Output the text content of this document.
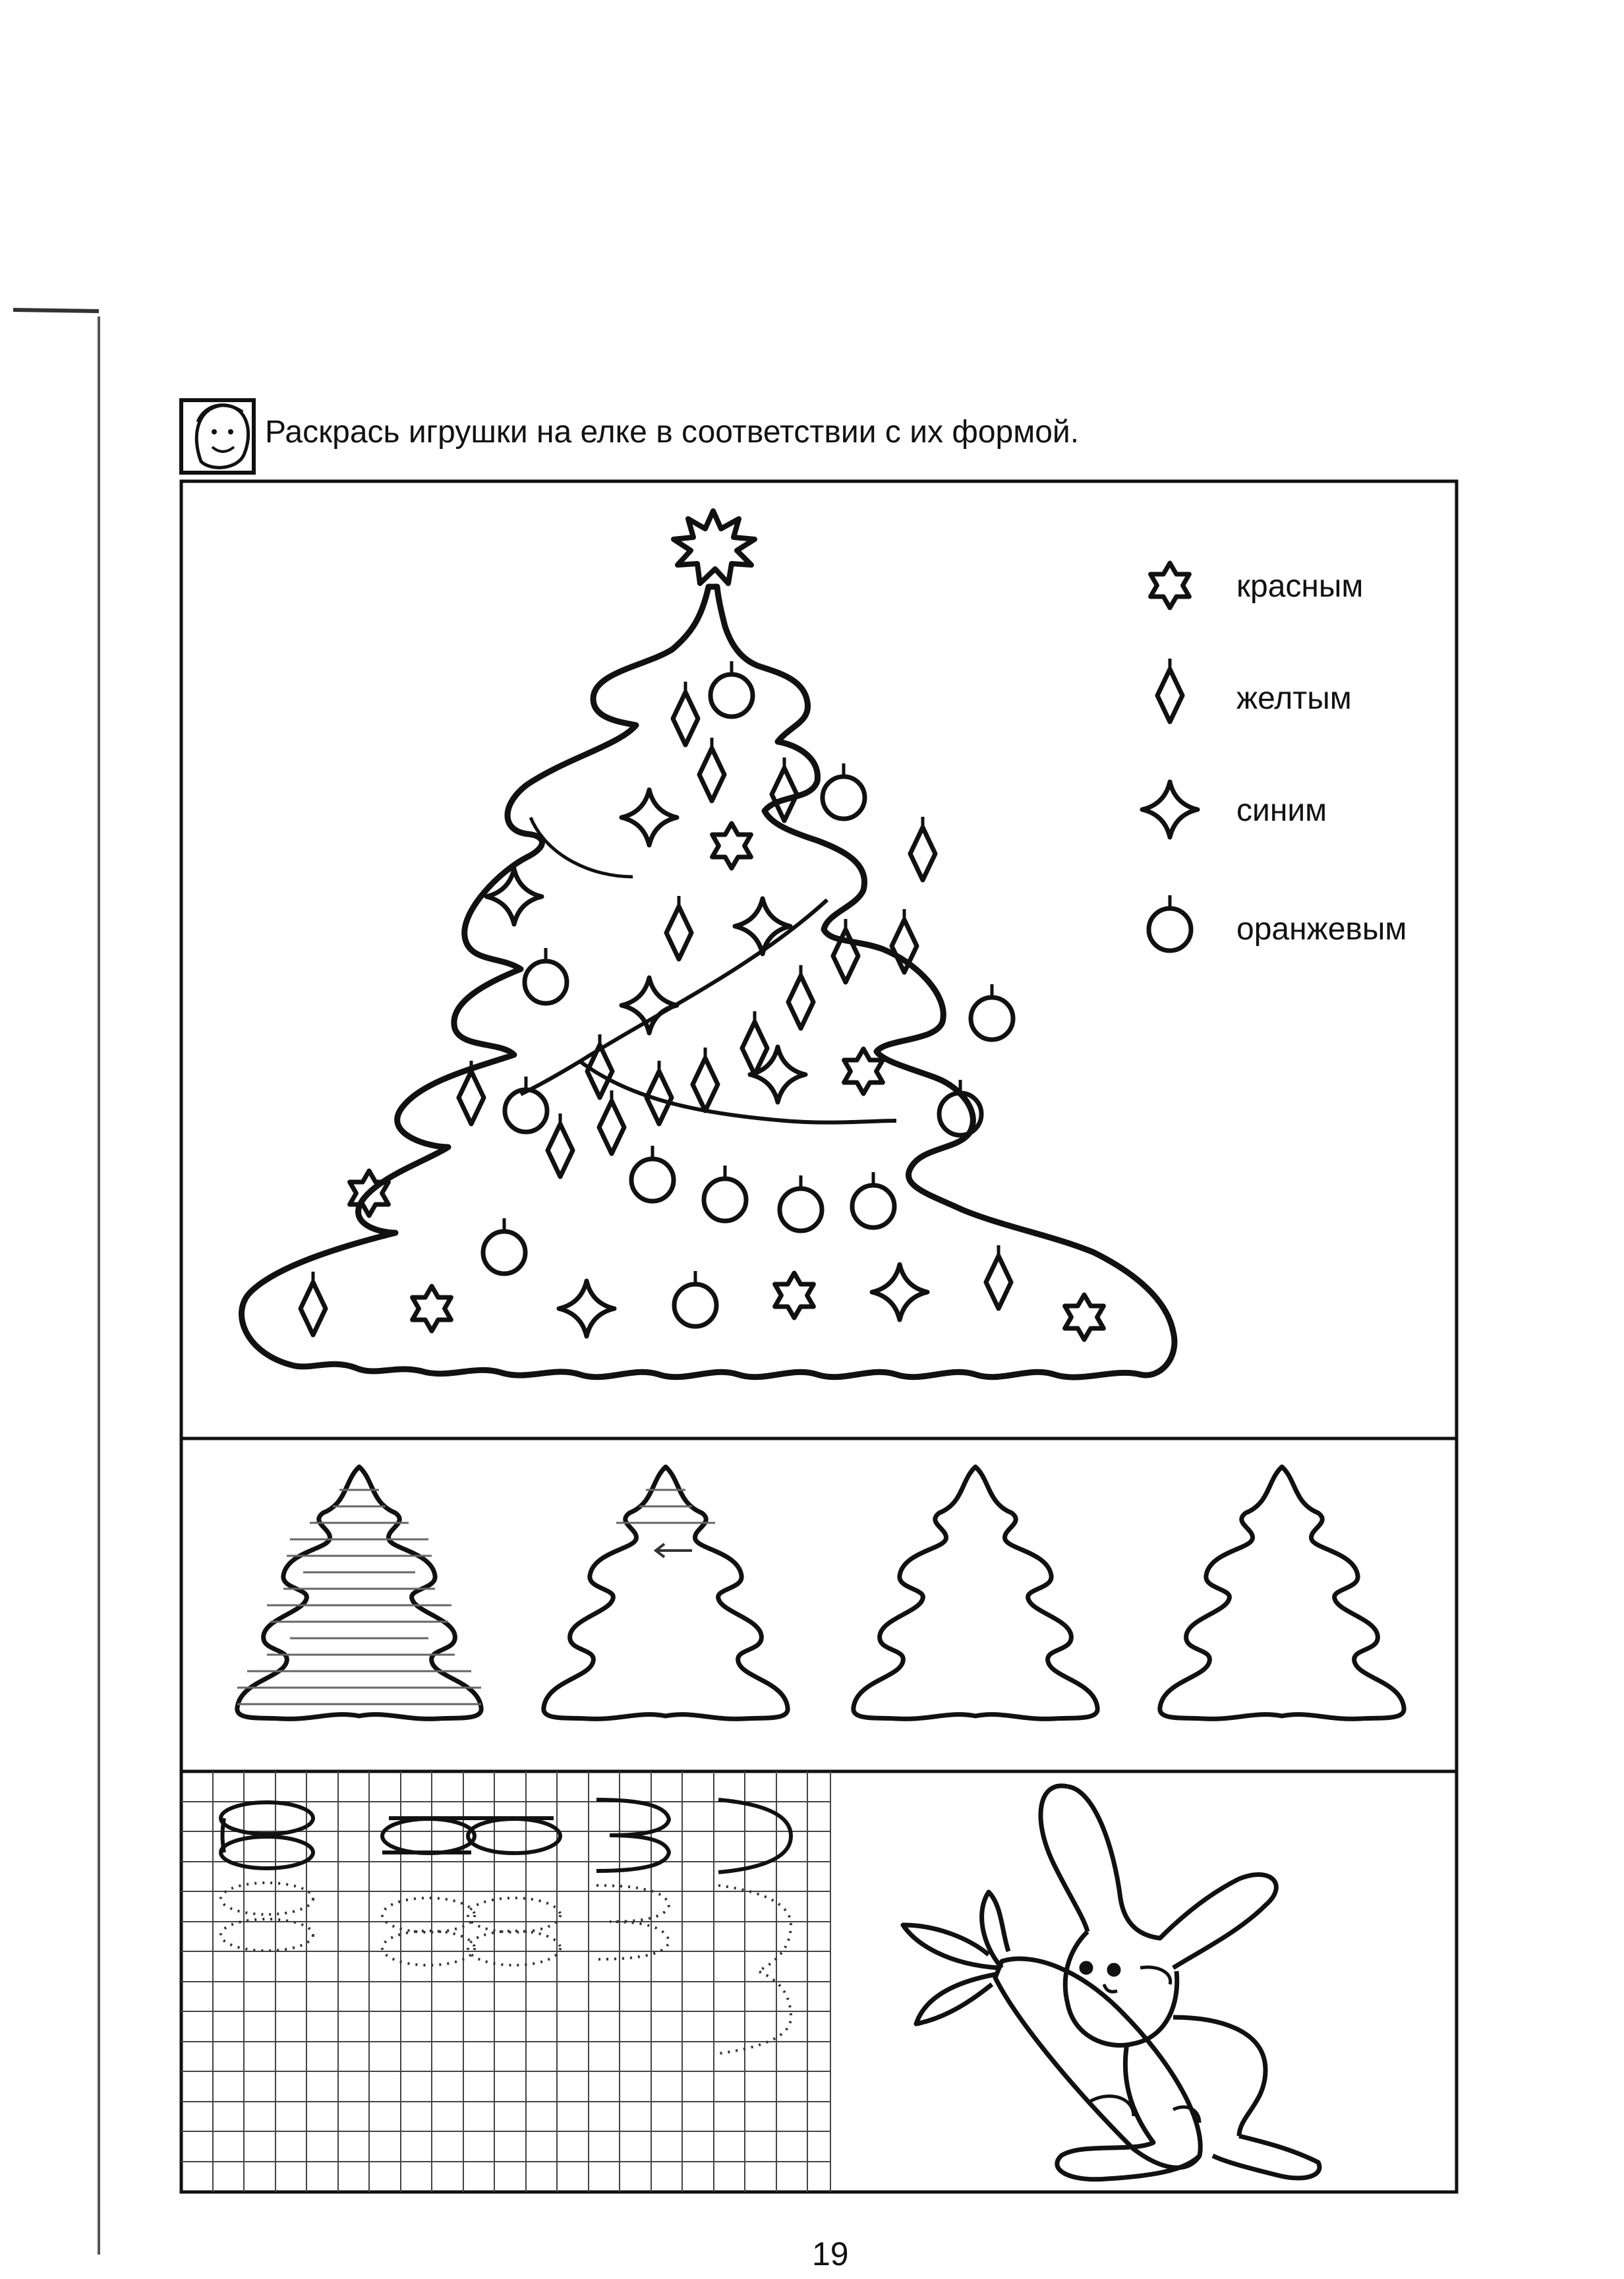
Раскрась игрушки на елке в соответствии с их формой.
красным
желтым
синим
оранжевым
19
